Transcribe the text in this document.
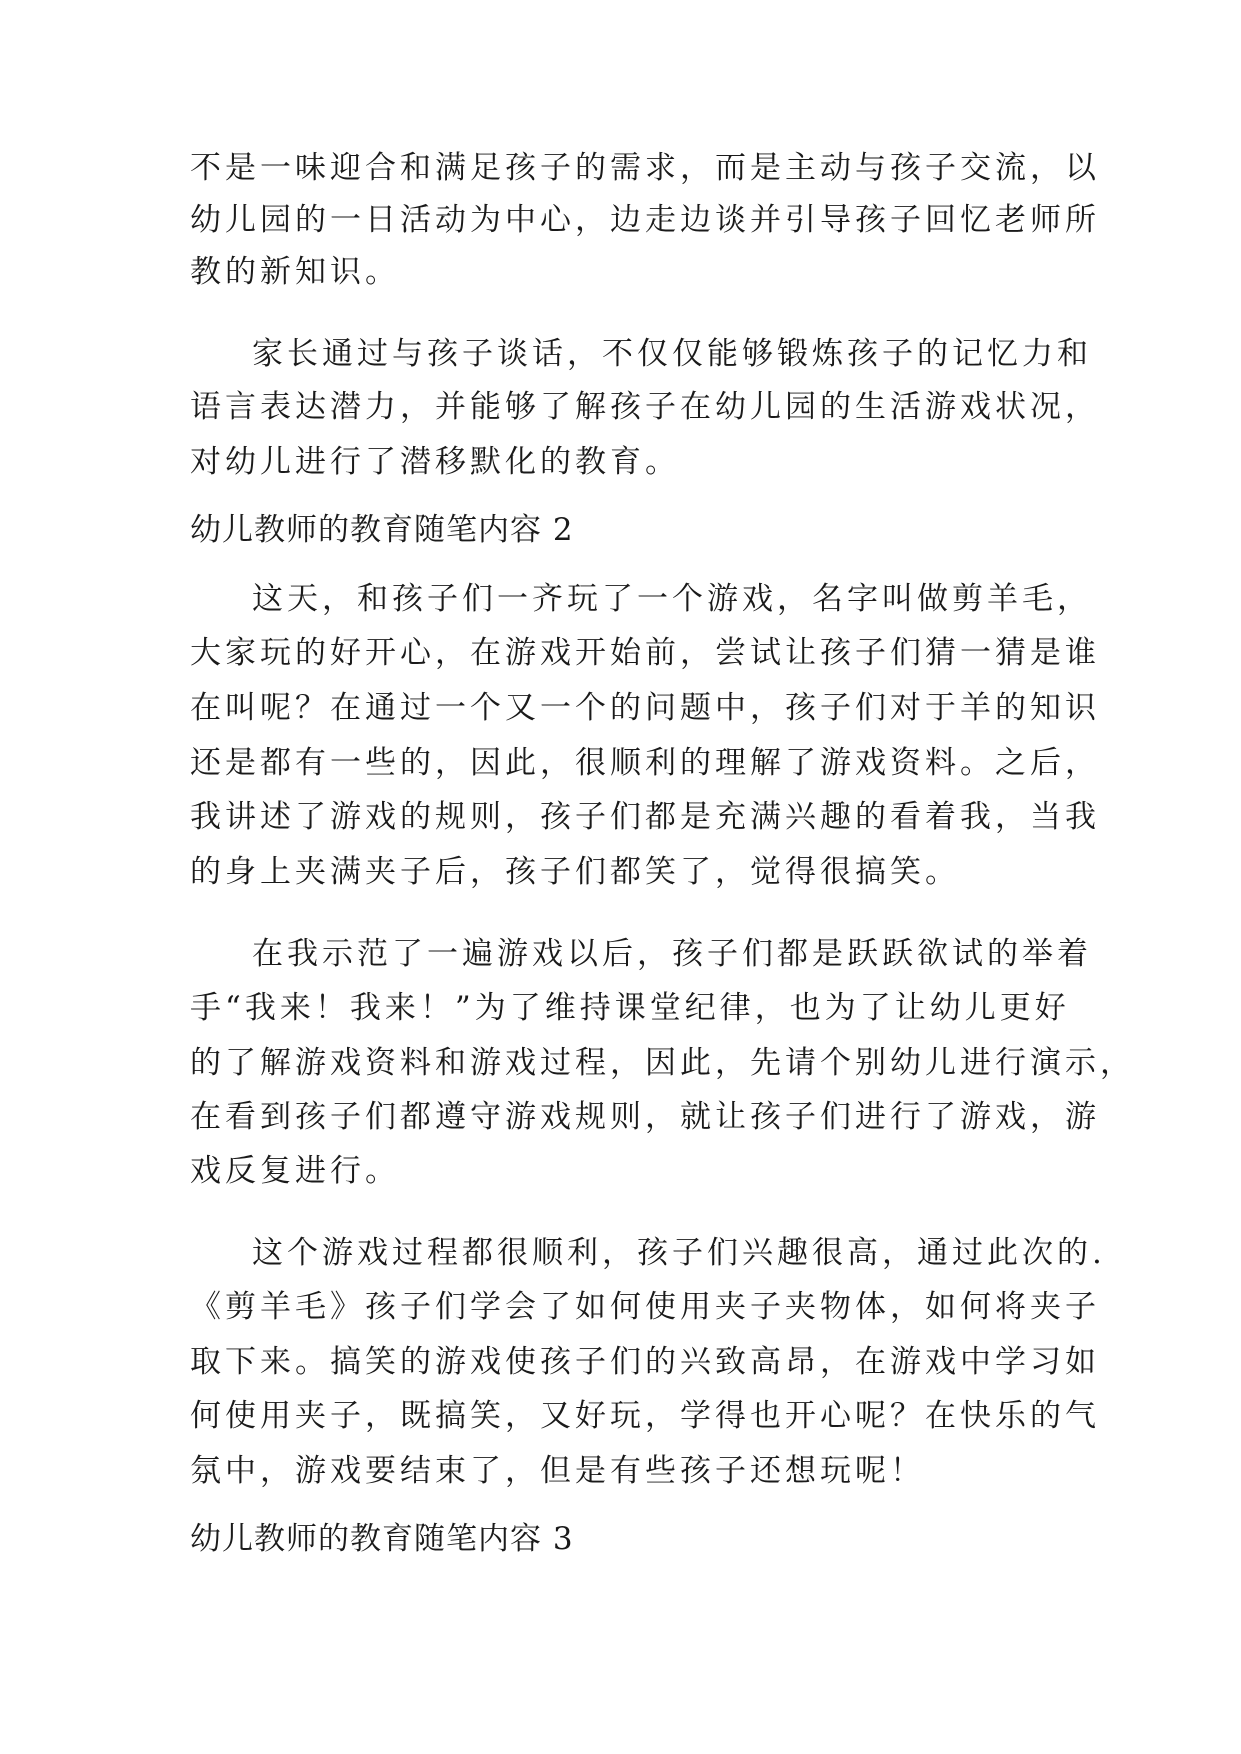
不是一味迎合和满足孩子的需求，而是主动与孩子交流，以

幼儿园的一日活动为中心，边走边谈并引导孩子回忆老师所

教的新知识。

家长通过与孩子谈话，不仅仅能够锻炼孩子的记忆力和

语言表达潜力，并能够了解孩子在幼儿园的生活游戏状况，

对幼儿进行了潜移默化的教育。

幼儿教师的教育随笔内容 2

这天，和孩子们一齐玩了一个游戏，名字叫做剪羊毛，

大家玩的好开心，在游戏开始前，尝试让孩子们猜一猜是谁

在叫呢？在通过一个又一个的问题中，孩子们对于羊的知识

还是都有一些的，因此，很顺利的理解了游戏资料。之后，

我讲述了游戏的规则，孩子们都是充满兴趣的看着我，当我

的身上夹满夹子后，孩子们都笑了，觉得很搞笑。

在我示范了一遍游戏以后，孩子们都是跃跃欲试的举着

手“我来！我来！”为了维持课堂纪律，也为了让幼儿更好

的了解游戏资料和游戏过程，因此，先请个别幼儿进行演示，

在看到孩子们都遵守游戏规则，就让孩子们进行了游戏，游

戏反复进行。

这个游戏过程都很顺利，孩子们兴趣很高，通过此次的.

《剪羊毛》孩子们学会了如何使用夹子夹物体，如何将夹子

取下来。搞笑的游戏使孩子们的兴致高昂，在游戏中学习如

何使用夹子，既搞笑，又好玩，学得也开心呢？在快乐的气

氛中，游戏要结束了，但是有些孩子还想玩呢！

幼儿教师的教育随笔内容 3
